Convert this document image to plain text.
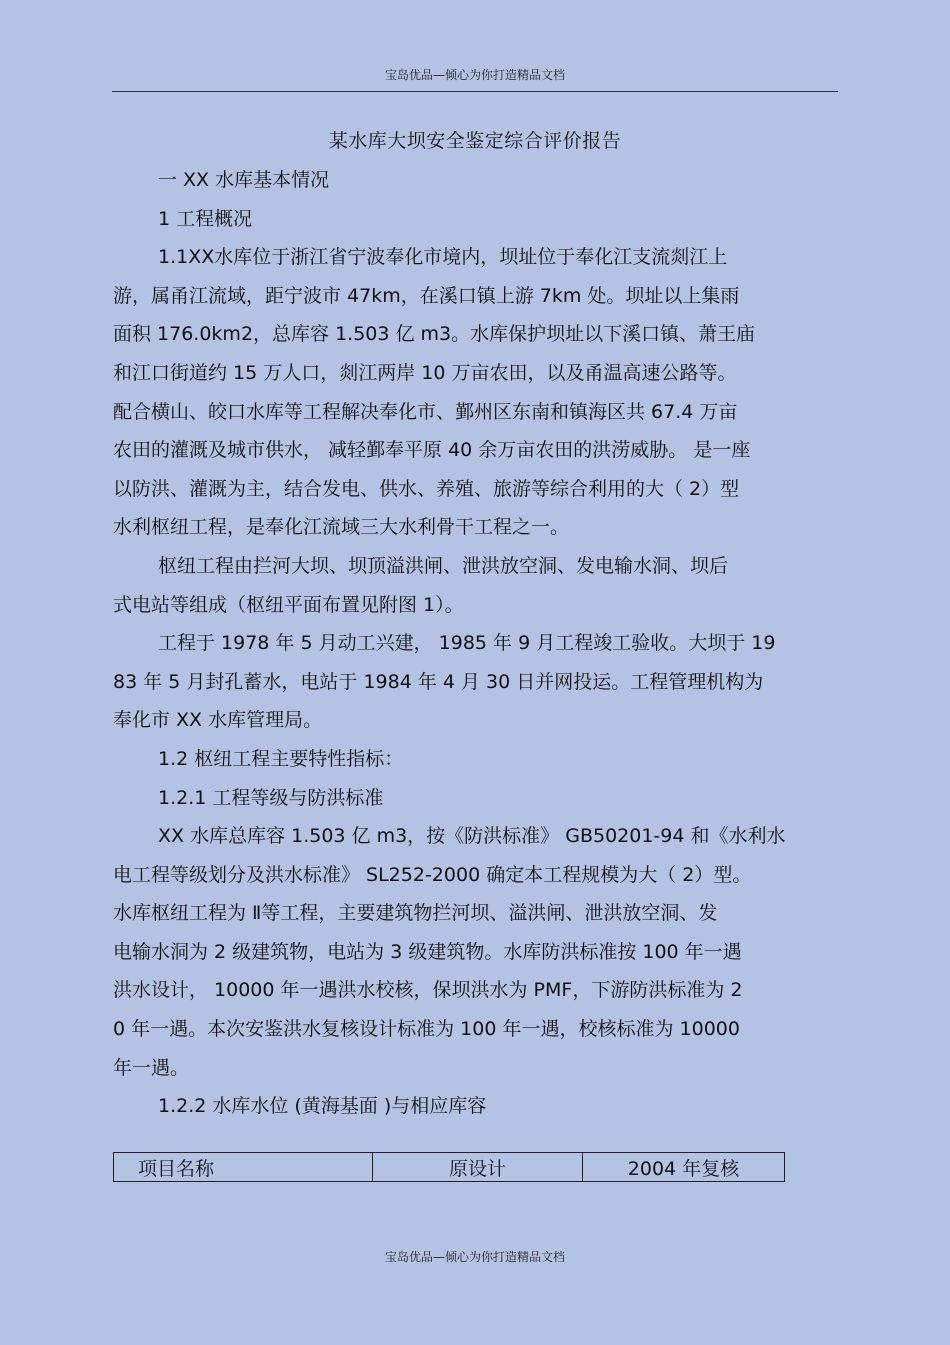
宝岛优品—倾心为你打造精品文档
某水库大坝安全鉴定综合评价报告
一 XX 水库基本情况
1 工程概况
1.1XX水库位于浙江省宁波奉化市境内，坝址位于奉化江支流剡江上
游，属甬江流域，距宁波市 47km，在溪口镇上游 7km 处。坝址以上集雨
面积 176.0km2，总库容 1.503 亿 m3。水库保护坝址以下溪口镇、萧王庙
和江口街道约 15 万人口，剡江两岸 10 万亩农田，以及甬温高速公路等。
配合横山、皎口水库等工程解决奉化市、鄞州区东南和镇海区共 67.4 万亩
农田的灌溉及城市供水， 减轻鄞奉平原 40 余万亩农田的洪涝威胁。 是一座
以防洪、灌溉为主，结合发电、供水、养殖、旅游等综合利用的大（ 2）型
水利枢纽工程，是奉化江流域三大水利骨干工程之一。
枢纽工程由拦河大坝、坝顶溢洪闸、泄洪放空洞、发电输水洞、坝后
式电站等组成（枢纽平面布置见附图 1）。
工程于 1978 年 5 月动工兴建， 1985 年 9 月工程竣工验收。大坝于 19
83 年 5 月封孔蓄水，电站于 1984 年 4 月 30 日并网投运。工程管理机构为
奉化市 XX 水库管理局。
1.2 枢纽工程主要特性指标：
1.2.1 工程等级与防洪标准
XX 水库总库容 1.503 亿 m3，按《防洪标准》 GB50201-94 和《水利水
电工程等级划分及洪水标准》 SL252-2000 确定本工程规模为大（ 2）型。
水库枢纽工程为 Ⅱ等工程，主要建筑物拦河坝、溢洪闸、泄洪放空洞、发
电输水洞为 2 级建筑物，电站为 3 级建筑物。水库防洪标准按 100 年一遇
洪水设计， 10000 年一遇洪水校核，保坝洪水为 PMF，下游防洪标准为 2
0 年一遇。本次安鉴洪水复核设计标准为 100 年一遇，校核标准为 10000
年一遇。
1.2.2 水库水位 (黄海基面 )与相应库容
项目名称	原设计	2004 年复核
宝岛优品—倾心为你打造精品文档
